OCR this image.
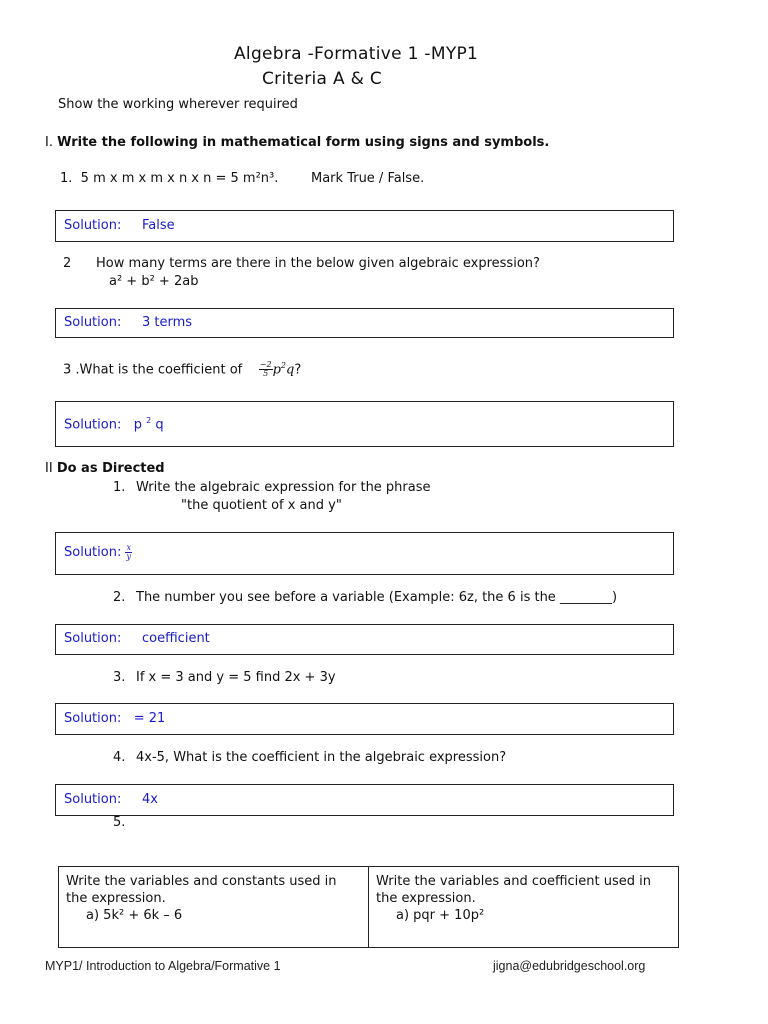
Algebra -Formative 1 -MYP1
Criteria A & C
Show the working wherever required
I. Write the following in mathematical form using signs and symbols.
1. 5 m x m x m x n x n = 5 m²n³.	Mark True / False.
Solution: False
2 How many terms are there in the below given algebraic expression?
a² + b² + 2ab
Solution: 3 terms
3 .What is the coefficient of $\frac{-2}{5} p^2q$?
Solution: p $^2$ q
II Do as Directed
1. Write the algebraic expression for the phrase
"the quotient of x and y"
Solution: $\frac{x}{y}$
2. The number you see before a variable (Example: 6z, the 6 is the ________)
Solution: coefficient
3. If x = 3 and y = 5 find 2x + 3y
Solution: = 21
4. 4x-5, What is the coefficient in the algebraic expression?
Solution: 4x
5.
Write the variables and constants used in the expression.
a) 5k² + 6k – 6

Write the variables and coefficient used in the expression.
a) pqr + 10p²
MYP1/ Introduction to Algebra/Formative 1	jigna@edubridgeschool.org
